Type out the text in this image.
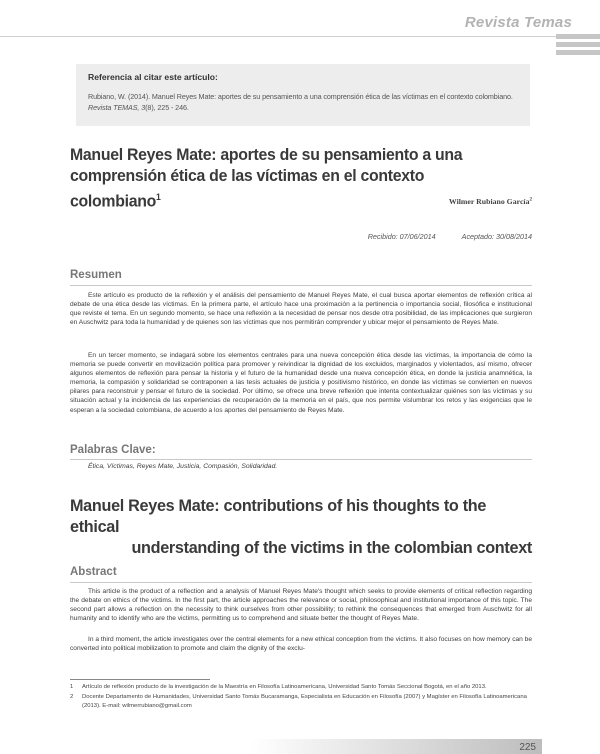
Revista Temas
Referencia al citar este artículo:
Rubiano, W. (2014). Manuel Reyes Mate: aportes de su pensamiento a una comprensión ética de las víctimas en el contexto colombiano. Revista TEMAS, 3(8), 225 - 246.
Manuel Reyes Mate: aportes de su pensamiento a una
comprensión ética de las víctimas en el contexto colombiano$^1$	Wilmer Rubiano García$^2$
Recibido: 07/06/2014	Aceptado: 30/08/2014
Resumen
Este artículo es producto de la reflexión y el análisis del pensamiento de Manuel Reyes Mate, el cual busca aportar elementos de reflexión crítica al debate de una ética desde las víctimas. En la primera parte, el artículo hace una proximación a la pertinencia o importancia social, filosófica e institucional que reviste el tema. En un segundo momento, se hace una reflexión a la necesidad de pensar nos desde otra posibilidad, de las implicaciones que surgieron en Auschwitz para toda la humanidad y de quienes son las víctimas que nos permitirán comprender y ubicar mejor el pensamiento de Reyes Mate.
En un tercer momento, se indagará sobre los elementos centrales para una nueva concepción ética desde las víctimas, la importancia de cómo la memoria se puede convertir en movilización política para promover y reivindicar la dignidad de los excluidos, marginados y violentados, así mismo, ofrecer algunos elementos de reflexión para pensar la historia y el futuro de la humanidad desde una nueva concepción ética, en donde la justicia anamnética, la memoria, la compasión y solidaridad se contraponen a las tesis actuales de justicia y positivismo histórico, en donde las víctimas se convierten en nuevos pilares para reconstruir y pensar el futuro de la sociedad. Por último, se ofrece una breve reflexión que intenta contextualizar quiénes son las víctimas y su situación actual y la incidencia de las experiencias de recuperación de la memoria en el país, que nos permite vislumbrar los retos y las exigencias que le esperan a la sociedad colombiana, de acuerdo a los aportes del pensamiento de Reyes Mate.
Palabras Clave:
Ética, Víctimas, Reyes Mate, Justicia, Compasión, Solidaridad.
Manuel Reyes Mate: contributions of his thoughts to the ethical
understanding of the victims in the colombian context
Abstract
This article is the product of a reflection and a analysis of Manuel Reyes Mate's thought which seeks to provide elements of critical reflection regarding the debate on ethics of the victims. In the first part, the article approaches the relevance or social, philosophical and institutional importance of this topic. The second part allows a reflection on the necessity to think ourselves from other possibility; to rethink the consequences that emerged from Auschwitz for all humanity and to identify who are the victims, permitting us to comprehend and situate better the thought of Reyes Mate.
In a third moment, the article investigates over the central elements for a new ethical conception from the victims. It also focuses on how memory can be converted into political mobilization to promote and claim the dignity of the exclu-
1	Artículo de reflexión producto de la investigación de la Maestría en Filosofía Latinoamericana, Universidad Santo Tomás Seccional Bogotá, en el año 2013.
2	Docente Departamento de Humanidades, Universidad Santo Tomás Bucaramanga, Especialista en Educación en Filosofía (2007) y Magíster en Filosofía Latinoamericana (2013). E-mail: wilmerrubiano@gmail.com
225
